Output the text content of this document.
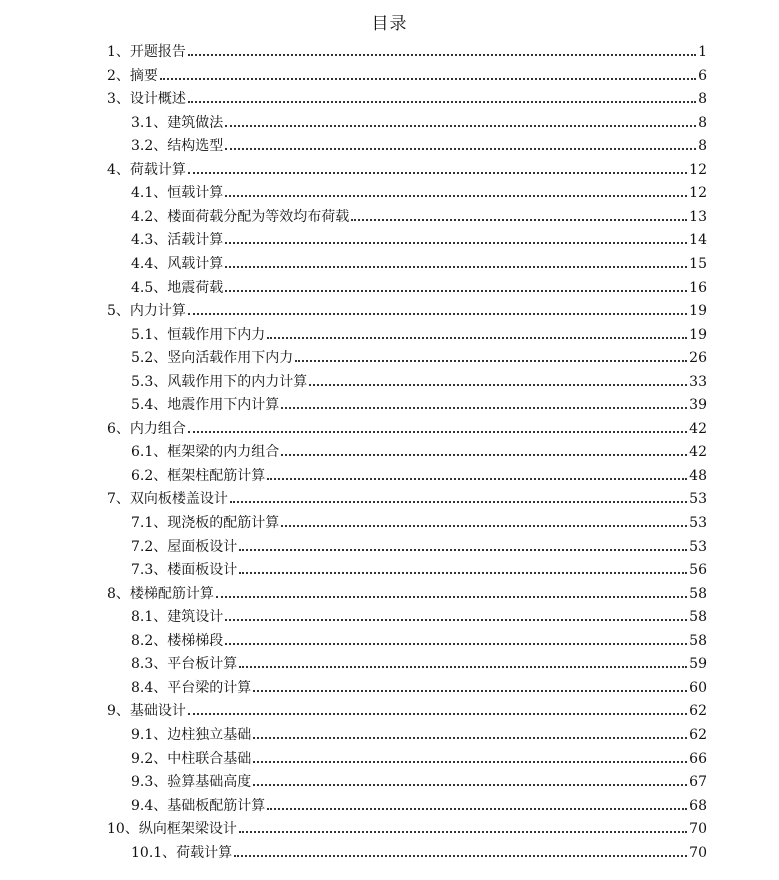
目录
1、开题报告	1
2、摘要	6
3、设计概述	8
3.1、建筑做法	8
3.2、结构选型	8
4、荷载计算	12
4.1、恒载计算	12
4.2、楼面荷载分配为等效均布荷载	13
4.3、活载计算	14
4.4、风载计算	15
4.5、地震荷载	16
5、内力计算	19
5.1、恒载作用下内力	19
5.2、竖向活载作用下内力	26
5.3、风载作用下的内力计算	33
5.4、地震作用下内计算	39
6、内力组合	42
6.1、框架梁的内力组合	42
6.2、框架柱配筋计算	48
7、双向板楼盖设计	53
7.1、现浇板的配筋计算	53
7.2、屋面板设计	53
7.3、楼面板设计	56
8、楼梯配筋计算	58
8.1、建筑设计	58
8.2、楼梯梯段	58
8.3、平台板计算	59
8.4、平台梁的计算	60
9、基础设计	62
9.1、边柱独立基础	62
9.2、中柱联合基础	66
9.3、验算基础高度	67
9.4、基础板配筋计算	68
10、纵向框架梁设计	70
10.1、荷载计算	70
